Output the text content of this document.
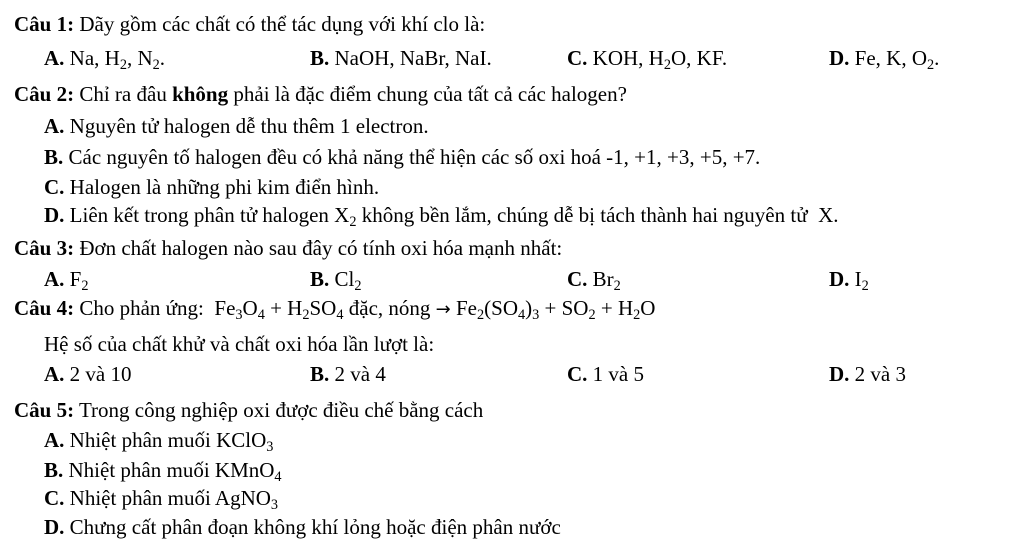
Câu 1: Dãy gồm các chất có thể tác dụng với khí clo là:
A. Na, $H_2$, $N_2$.	B. NaOH, NaBr, NaI.	C. KOH, $H_2O$, KF.	D. Fe, K, $O_2$.
Câu 2: Chỉ ra đâu không phải là đặc điểm chung của tất cả các halogen?
A. Nguyên tử halogen dễ thu thêm 1 electron.
B. Các nguyên tố halogen đều có khả năng thể hiện các số oxi hoá -1, +1, +3, +5, +7.
C. Halogen là những phi kim điển hình.
D. Liên kết trong phân tử halogen $X_2$ không bền lắm, chúng dễ bị tách thành hai nguyên tử  X.
Câu 3: Đơn chất halogen nào sau đây có tính oxi hóa mạnh nhất:
A. $F_2$	B. $Cl_2$	C. $Br_2$	D. $I_2$
Câu 4: Cho phản ứng:  $Fe_3O_4 + H_2SO_4$ đặc, nóng → $Fe_2(SO_4)_3 + SO_2 + H_2O$
Hệ số của chất khử và chất oxi hóa lần lượt là:
A. 2 và 10	B. 2 và 4	C. 1 và 5	D. 2 và 3
Câu 5: Trong công nghiệp oxi được điều chế bằng cách
A. Nhiệt phân muối KClO$_3$
B. Nhiệt phân muối KMnO$_4$
C. Nhiệt phân muối AgNO$_3$
D. Chưng cất phân đoạn không khí lỏng hoặc điện phân nước
